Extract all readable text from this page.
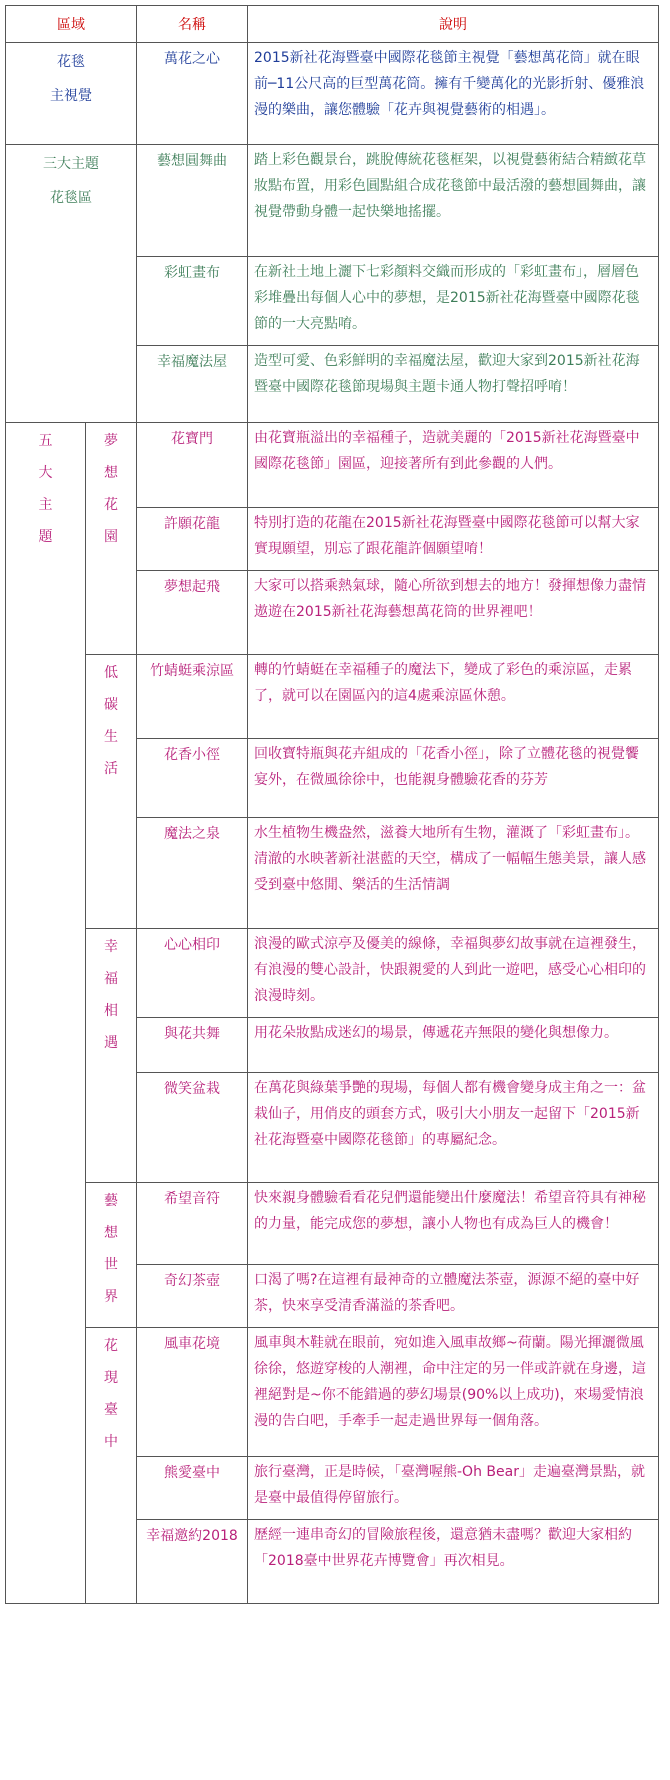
區域		名稱	說明

花毯
主視覺		萬花之心	2015新社花海暨臺中國際花毯節主視覺「藝想萬花筒」就在眼前─11公尺高的巨型萬花筒。擁有千變萬化的光影折射、優雅浪漫的樂曲，讓您體驗「花卉與視覺藝術的相遇」。

三大主題
花毯區		藝想圓舞曲	踏上彩色觀景台，跳脫傳統花毯框架，以視覺藝術結合精緻花草妝點布置，用彩色圓點組合成花毯節中最活潑的藝想圓舞曲，讓視覺帶動身體一起快樂地搖擺。
		彩虹畫布	在新社土地上灑下七彩顏料交織而形成的「彩虹畫布」，層層色彩堆疊出每個人心中的夢想，是2015新社花海暨臺中國際花毯節的一大亮點唷。
		幸福魔法屋	造型可愛、色彩鮮明的幸福魔法屋，歡迎大家到2015新社花海暨臺中國際花毯節現場與主題卡通人物打聲招呼唷！

五
大
主
題	夢
想
花
園	花寶門	由花寶瓶溢出的幸福種子，造就美麗的「2015新社花海暨臺中國際花毯節」園區，迎接著所有到此參觀的人們。
		許願花龍	特別打造的花龍在2015新社花海暨臺中國際花毯節可以幫大家實現願望，別忘了跟花龍許個願望唷！
		夢想起飛	大家可以搭乘熱氣球，隨心所欲到想去的地方！發揮想像力盡情遨遊在2015新社花海藝想萬花筒的世界裡吧！

	低
碳
生
活	竹蜻蜓乘涼區	轉的竹蜻蜓在幸福種子的魔法下，變成了彩色的乘涼區，走累了，就可以在園區內的這4處乘涼區休憩。
		花香小徑	回收寶特瓶與花卉組成的「花香小徑」，除了立體花毯的視覺饗宴外，在微風徐徐中，也能親身體驗花香的芬芳
		魔法之泉	水生植物生機盎然，滋養大地所有生物，灌溉了「彩虹畫布」。清澈的水映著新社湛藍的天空，構成了一幅幅生態美景，讓人感受到臺中悠閒、樂活的生活情調

	幸
福
相
遇	心心相印	浪漫的歐式涼亭及優美的線條，幸福與夢幻故事就在這裡發生，有浪漫的雙心設計，快跟親愛的人到此一遊吧，感受心心相印的浪漫時刻。
		與花共舞	用花朵妝點成迷幻的場景，傳遞花卉無限的變化與想像力。
		微笑盆栽	在萬花與綠葉爭艷的現場，每個人都有機會變身成主角之一：盆栽仙子，用俏皮的頭套方式，吸引大小朋友一起留下「2015新社花海暨臺中國際花毯節」的專屬紀念。

	藝
想
世
界	希望音符	快來親身體驗看看花兒們還能變出什麼魔法！希望音符具有神秘的力量，能完成您的夢想，讓小人物也有成為巨人的機會！
		奇幻茶壺	口渴了嗎?在這裡有最神奇的立體魔法茶壺，源源不絕的臺中好茶，快來享受清香滿溢的茶香吧。

	花
現
臺
中	風車花境	風車與木鞋就在眼前，宛如進入風車故鄉~荷蘭。陽光揮灑微風徐徐，悠遊穿梭的人潮裡，命中注定的另一伴或許就在身邊，這裡絕對是~你不能錯過的夢幻場景(90%以上成功)，來場愛情浪漫的告白吧，手牽手一起走過世界每一個角落。
		熊愛臺中	旅行臺灣，正是時候，「臺灣喔熊-Oh Bear」走遍臺灣景點，就是臺中最值得停留旅行。
		幸福邀約2018	歷經一連串奇幻的冒險旅程後，還意猶未盡嗎？歡迎大家相約「2018臺中世界花卉博覽會」再次相見。
